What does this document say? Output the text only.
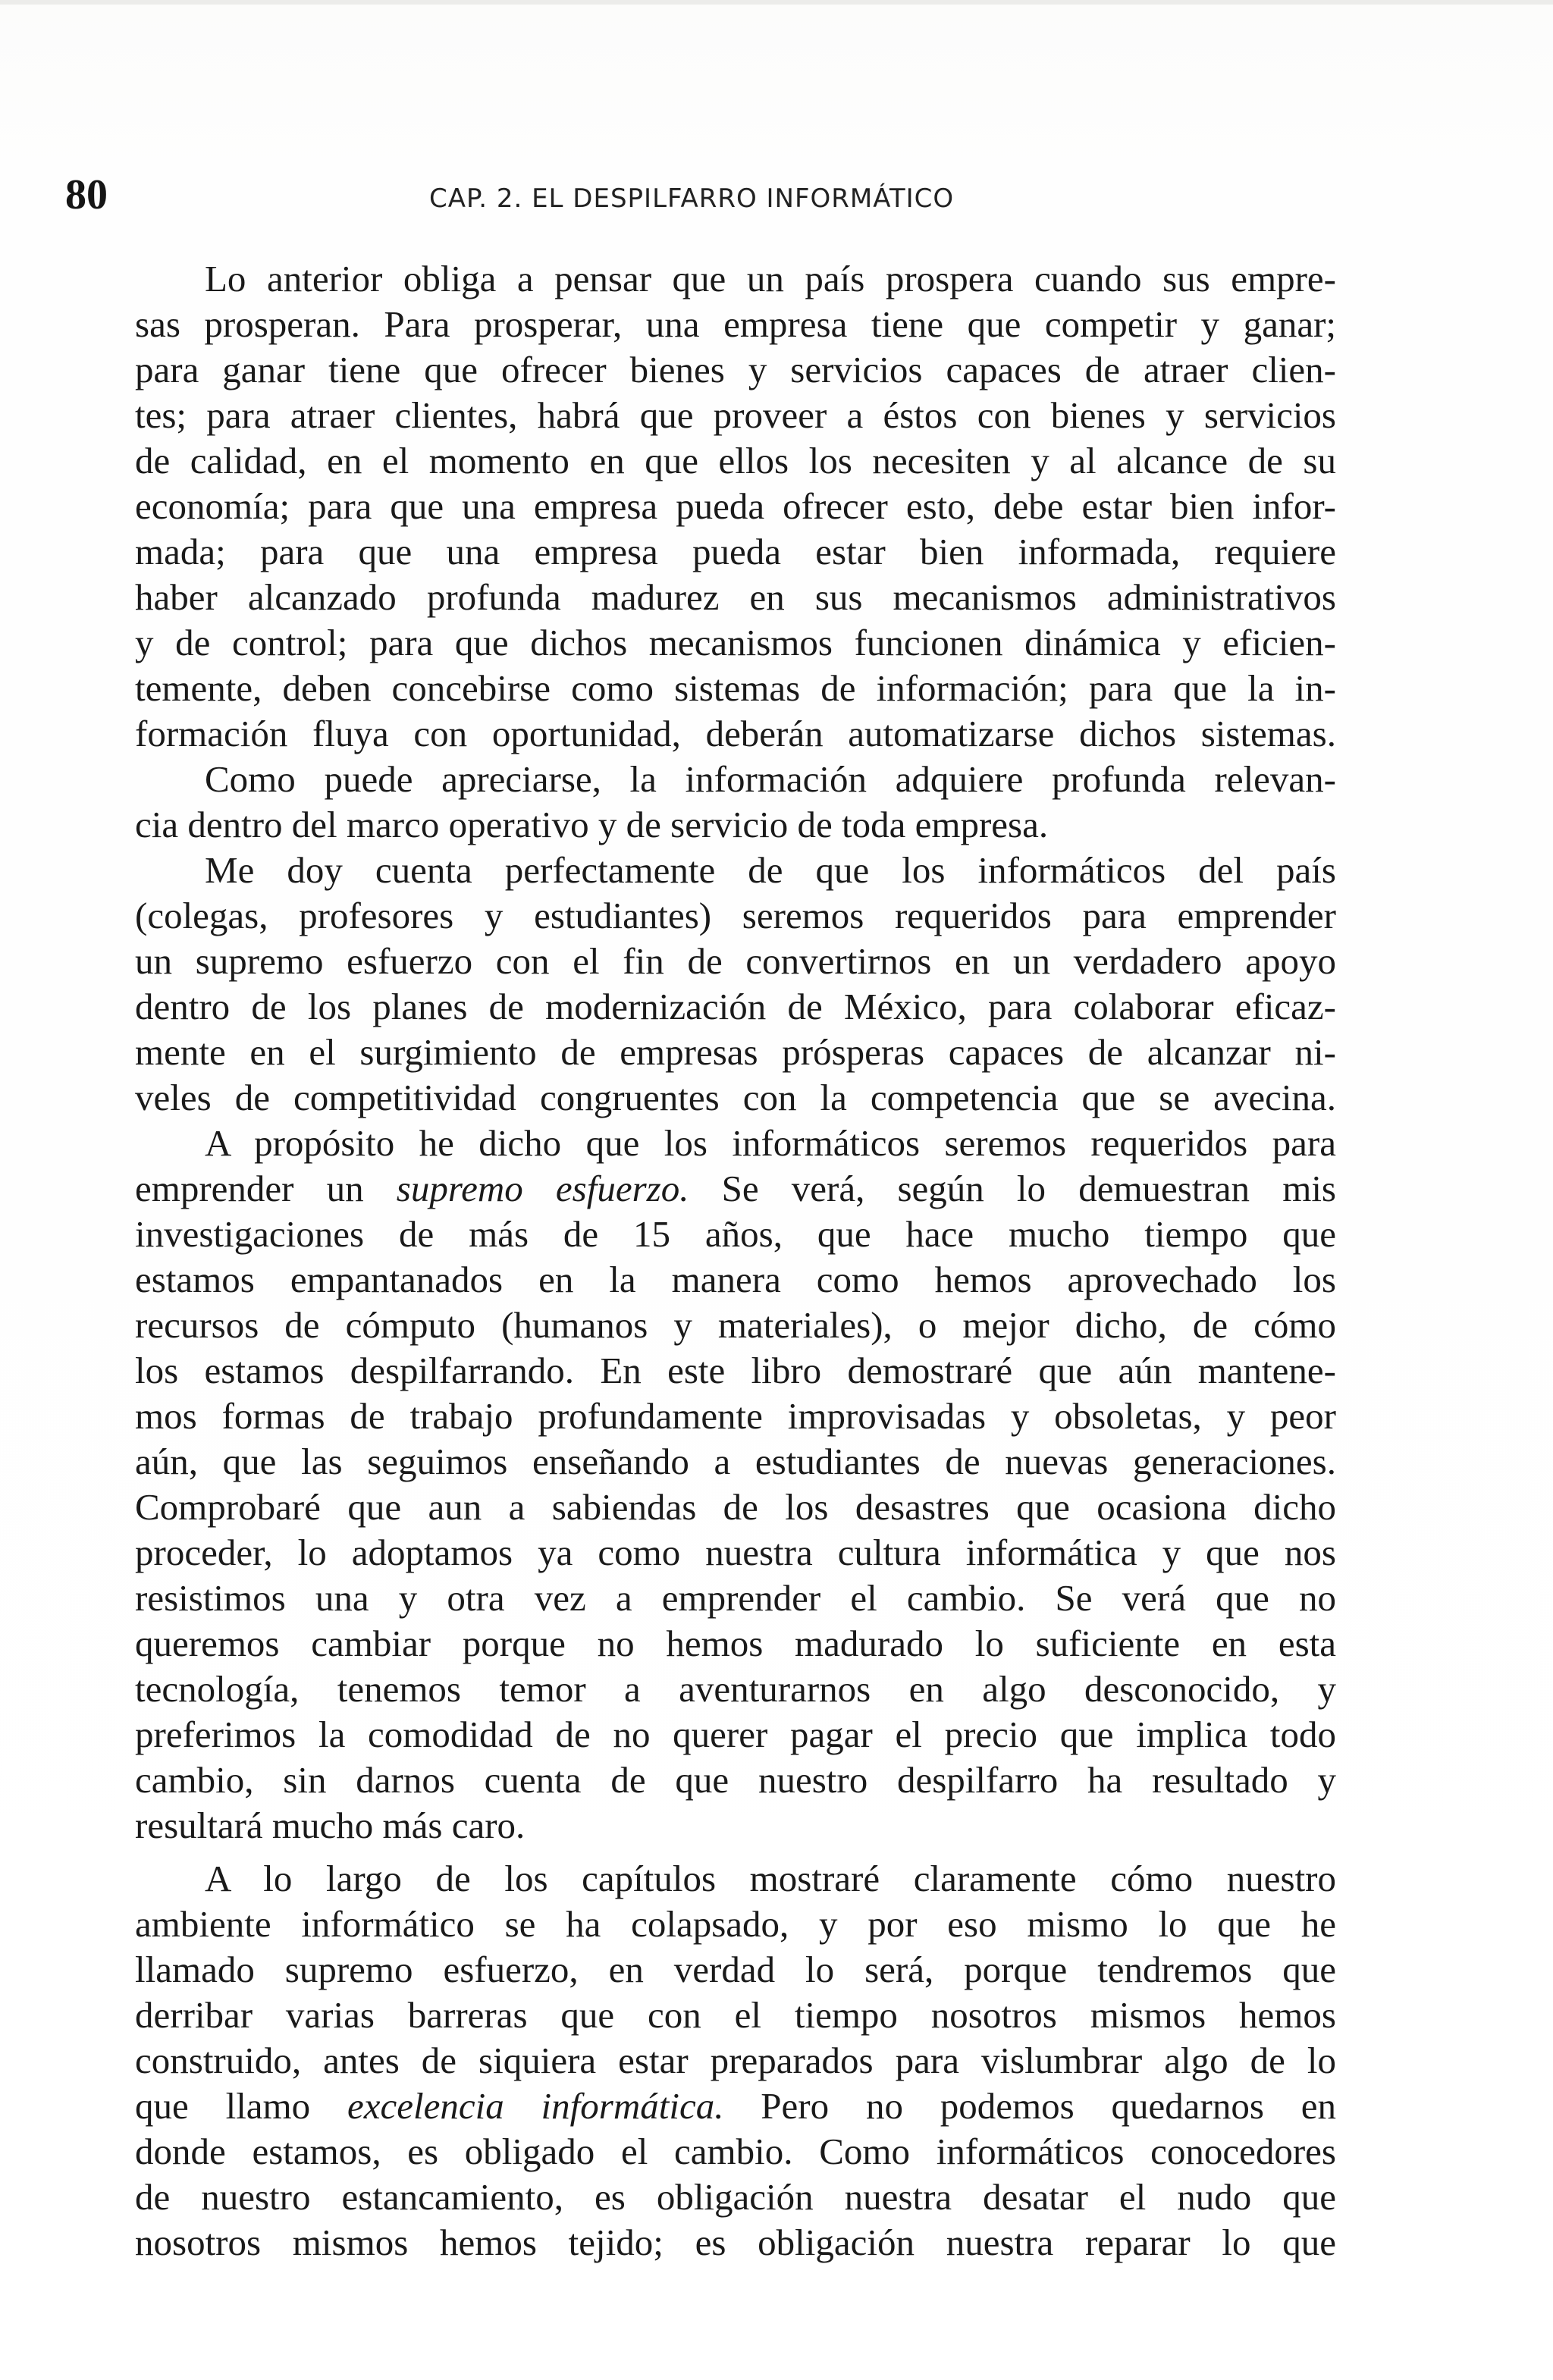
80	CAP. 2. EL DESPILFARRO INFORMÁTICO
Lo anterior obliga a pensar que un país prospera cuando sus empre-
sas prosperan. Para prosperar, una empresa tiene que competir y ganar;
para ganar tiene que ofrecer bienes y servicios capaces de atraer clien-
tes; para atraer clientes, habrá que proveer a éstos con bienes y servicios
de calidad, en el momento en que ellos los necesiten y al alcance de su
economía; para que una empresa pueda ofrecer esto, debe estar bien infor-
mada; para que una empresa pueda estar bien informada, requiere
haber alcanzado profunda madurez en sus mecanismos administrativos
y de control; para que dichos mecanismos funcionen dinámica y eficien-
temente, deben concebirse como sistemas de información; para que la in-
formación fluya con oportunidad, deberán automatizarse dichos sistemas.
Como puede apreciarse, la información adquiere profunda relevan-
cia dentro del marco operativo y de servicio de toda empresa.
Me doy cuenta perfectamente de que los informáticos del país
(colegas, profesores y estudiantes) seremos requeridos para emprender
un supremo esfuerzo con el fin de convertirnos en un verdadero apoyo
dentro de los planes de modernización de México, para colaborar eficaz-
mente en el surgimiento de empresas prósperas capaces de alcanzar ni-
veles de competitividad congruentes con la competencia que se avecina.
A propósito he dicho que los informáticos seremos requeridos para
emprender un supremo esfuerzo. Se verá, según lo demuestran mis
investigaciones de más de 15 años, que hace mucho tiempo que
estamos empantanados en la manera como hemos aprovechado los
recursos de cómputo (humanos y materiales), o mejor dicho, de cómo
los estamos despilfarrando. En este libro demostraré que aún mantene-
mos formas de trabajo profundamente improvisadas y obsoletas, y peor
aún, que las seguimos enseñando a estudiantes de nuevas generaciones.
Comprobaré que aun a sabiendas de los desastres que ocasiona dicho
proceder, lo adoptamos ya como nuestra cultura informática y que nos
resistimos una y otra vez a emprender el cambio. Se verá que no
queremos cambiar porque no hemos madurado lo suficiente en esta
tecnología, tenemos temor a aventurarnos en algo desconocido, y
preferimos la comodidad de no querer pagar el precio que implica todo
cambio, sin darnos cuenta de que nuestro despilfarro ha resultado y
resultará mucho más caro.
A lo largo de los capítulos mostraré claramente cómo nuestro
ambiente informático se ha colapsado, y por eso mismo lo que he
llamado supremo esfuerzo, en verdad lo será, porque tendremos que
derribar varias barreras que con el tiempo nosotros mismos hemos
construido, antes de siquiera estar preparados para vislumbrar algo de lo
que llamo excelencia informática. Pero no podemos quedarnos en
donde estamos, es obligado el cambio. Como informáticos conocedores
de nuestro estancamiento, es obligación nuestra desatar el nudo que
nosotros mismos hemos tejido; es obligación nuestra reparar lo que
